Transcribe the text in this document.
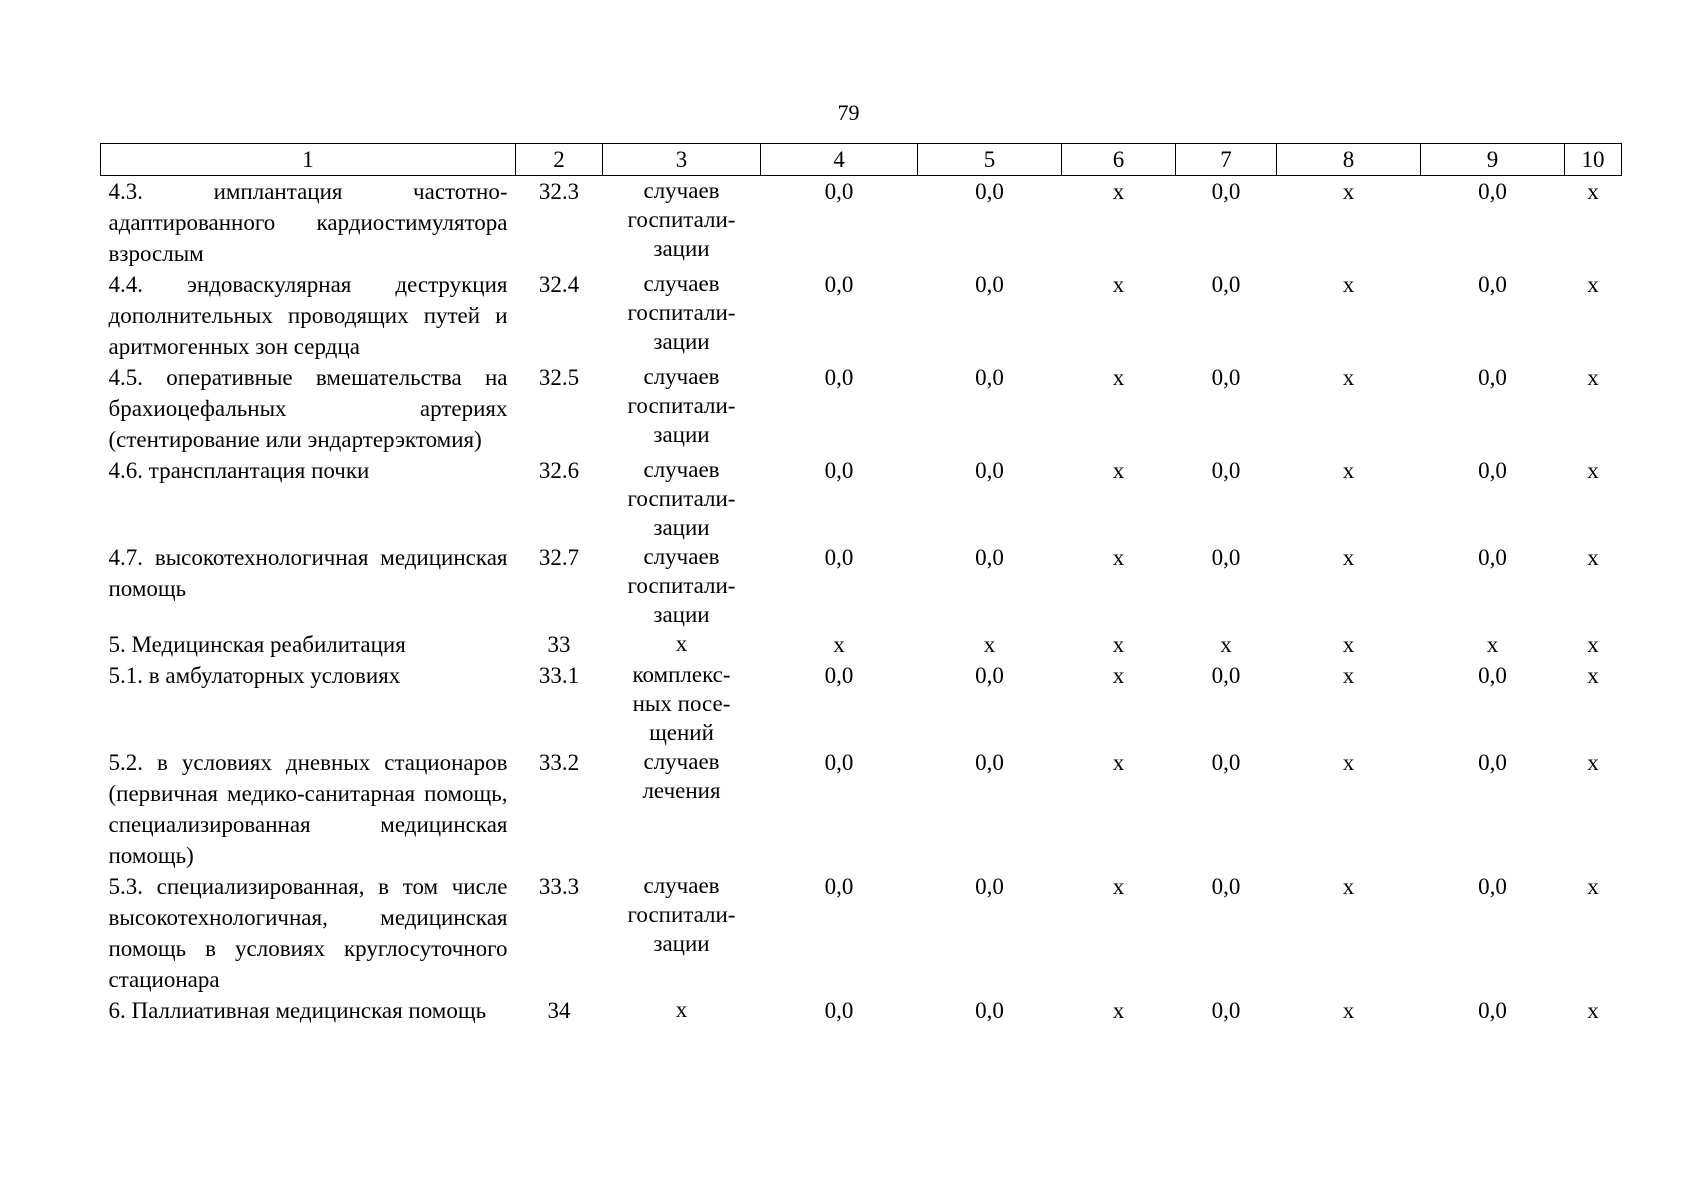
79
1	2	3	4	5	6	7	8	9	10
4.3. имплантация частотно-адаптированного кардиостимулятора взрослым	32.3	случаев
госпитали-
зации	0,0	0,0	х	0,0	х	0,0	х
4.4. эндоваскулярная деструкция дополнительных проводящих путей и аритмогенных зон сердца	32.4	случаев
госпитали-
зации	0,0	0,0	х	0,0	х	0,0	х
4.5. оперативные вмешательства на брахиоцефальных артериях (стентирование или эндартерэктомия)	32.5	случаев
госпитали-
зации	0,0	0,0	х	0,0	х	0,0	х
4.6. трансплантация почки	32.6	случаев
госпитали-
зации	0,0	0,0	х	0,0	х	0,0	х
4.7. высокотехнологичная медицинская помощь	32.7	случаев
госпитали-
зации	0,0	0,0	х	0,0	х	0,0	х
5. Медицинская реабилитация	33	х	х	х	х	х	х	х	х
5.1. в амбулаторных условиях	33.1	комплекс-
ных посе-
щений	0,0	0,0	х	0,0	х	0,0	х
5.2. в условиях дневных стационаров (первичная медико-санитарная помощь, специализированная медицинская помощь)	33.2	случаев
лечения	0,0	0,0	х	0,0	х	0,0	х
5.3. специализированная, в том числе высокотехнологичная, медицинская помощь в условиях круглосуточного стационара	33.3	случаев
госпитали-
зации	0,0	0,0	х	0,0	х	0,0	х
6. Паллиативная медицинская помощь	34	х	0,0	0,0	х	0,0	х	0,0	х
